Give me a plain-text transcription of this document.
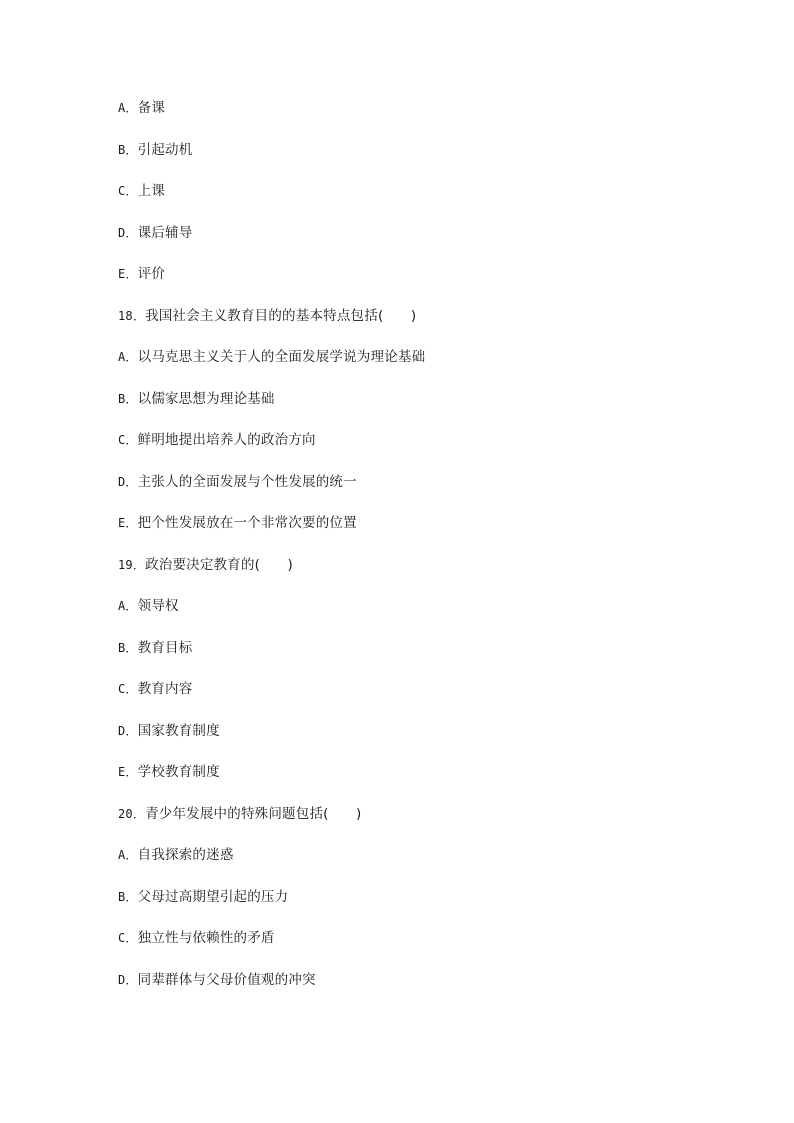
A．备课
B．引起动机
C．上课
D．课后辅导
E．评价
18．我国社会主义教育目的的基本特点包括(　　)
A．以马克思主义关于人的全面发展学说为理论基础
B．以儒家思想为理论基础
C．鲜明地提出培养人的政治方向
D．主张人的全面发展与个性发展的统一
E．把个性发展放在一个非常次要的位置
19．政治要决定教育的(　　)
A．领导权
B．教育目标
C．教育内容
D．国家教育制度
E．学校教育制度
20．青少年发展中的特殊问题包括(　　)
A．自我探索的迷惑
B．父母过高期望引起的压力
C．独立性与依赖性的矛盾
D．同辈群体与父母价值观的冲突
